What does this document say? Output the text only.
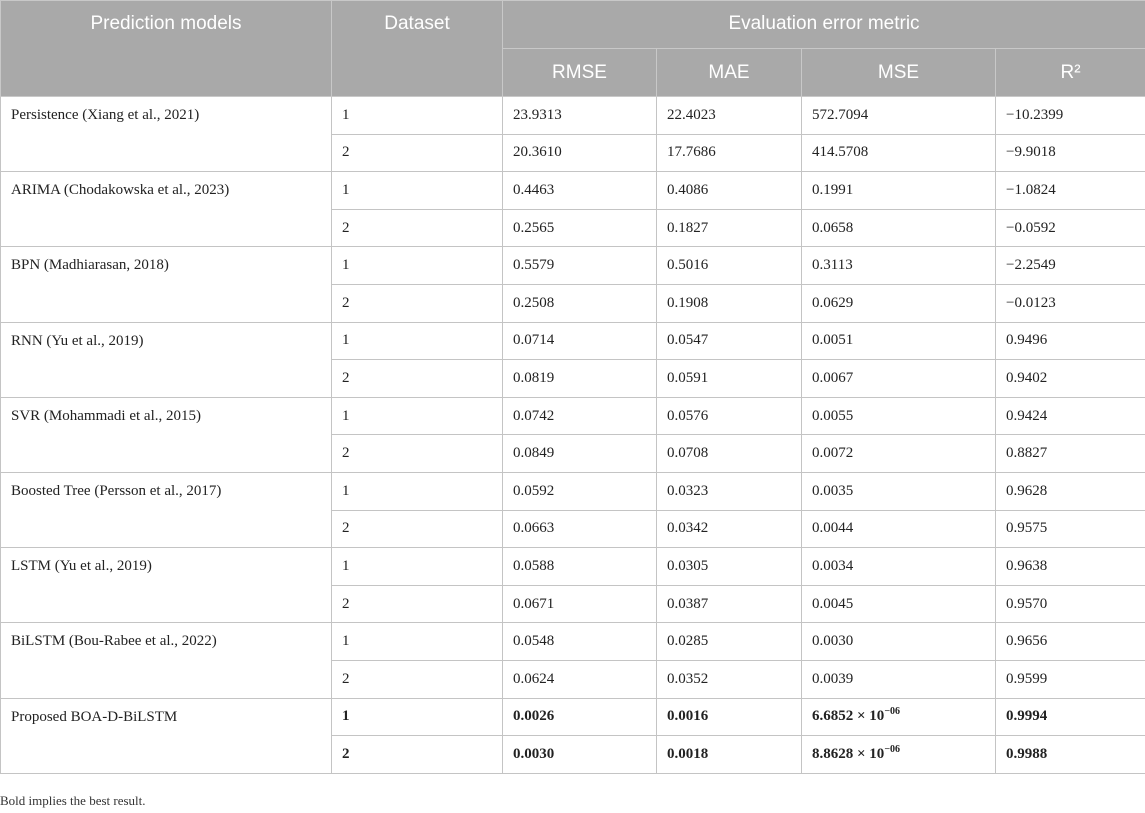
Prediction models	Dataset	Evaluation error metric			
		RMSE	MAE	MSE	R²
Persistence (Xiang et al., 2021)	1	23.9313	22.4023	572.7094	−10.2399
	2	20.3610	17.7686	414.5708	−9.9018
ARIMA (Chodakowska et al., 2023)	1	0.4463	0.4086	0.1991	−1.0824
	2	0.2565	0.1827	0.0658	−0.0592
BPN (Madhiarasan, 2018)	1	0.5579	0.5016	0.3113	−2.2549
	2	0.2508	0.1908	0.0629	−0.0123
RNN (Yu et al., 2019)	1	0.0714	0.0547	0.0051	0.9496
	2	0.0819	0.0591	0.0067	0.9402
SVR (Mohammadi et al., 2015)	1	0.0742	0.0576	0.0055	0.9424
	2	0.0849	0.0708	0.0072	0.8827
Boosted Tree (Persson et al., 2017)	1	0.0592	0.0323	0.0035	0.9628
	2	0.0663	0.0342	0.0044	0.9575
LSTM (Yu et al., 2019)	1	0.0588	0.0305	0.0034	0.9638
	2	0.0671	0.0387	0.0045	0.9570
BiLSTM (Bou-Rabee et al., 2022)	1	0.0548	0.0285	0.0030	0.9656
	2	0.0624	0.0352	0.0039	0.9599
Proposed BOA-D-BiLSTM	1	0.0026	0.0016	$6.6852 \times 10^{-06}$	0.9994
	2	0.0030	0.0018	$8.8628 \times 10^{-06}$	0.9988
Bold implies the best result.
